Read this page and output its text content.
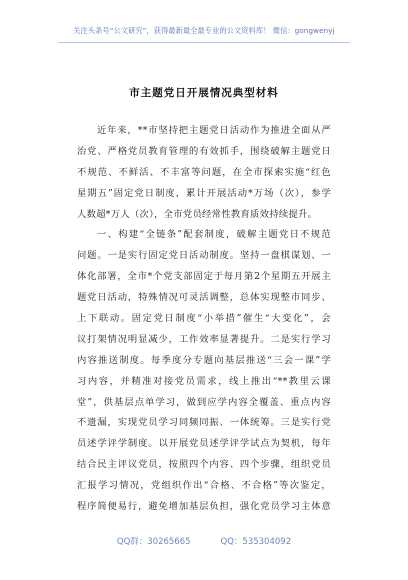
关注头条号“公文研究”，获得最新最全最专业的公文资料库！ 微信：gongwenyj
市主题党日开展情况典型材料
近年来，**市坚持把主题党日活动作为推进全面从严
治党、严格党员教育管理的有效抓手，围绕破解主题党日
不规范、不鲜活、不丰富等问题，在全市探索实施“红色
星期五”固定党日制度，累计开展活动*万场（次），参学
人数超*万人（次），全市党员经常性教育质效持续提升。
一、构建“全链条”配套制度，破解主题党日不规范
问题。一是实行固定党日活动制度。坚持一盘棋谋划、一
体化部署，全市*个党支部固定于每月第2个星期五开展主
题党日活动，特殊情况可灵活调整，总体实现整市同步、
上下联动。固定党日制度“小举措”催生“大变化”，会
议打架情况明显减少，工作效率显著提升。二是实行学习
内容推送制度。每季度分专题向基层推送“三会一课”学
习内容，并精准对接党员需求，线上推出“**教里云课
堂”，供基层点单学习，做到应学内容全覆盖、重点内容
不遗漏，实现党员学习同频同振、一体统筹。三是实行党
员述学评学制度。以开展党员述学评学试点为契机，每年
结合民主评议党员，按照四个内容、四个步骤，组织党员
汇报学习情况，党组织作出“合格、不合格”等次鉴定，
程序简便易行，避免增加基层负担，强化党员学习主体意
QQ群：30265665	QQ：535304092
